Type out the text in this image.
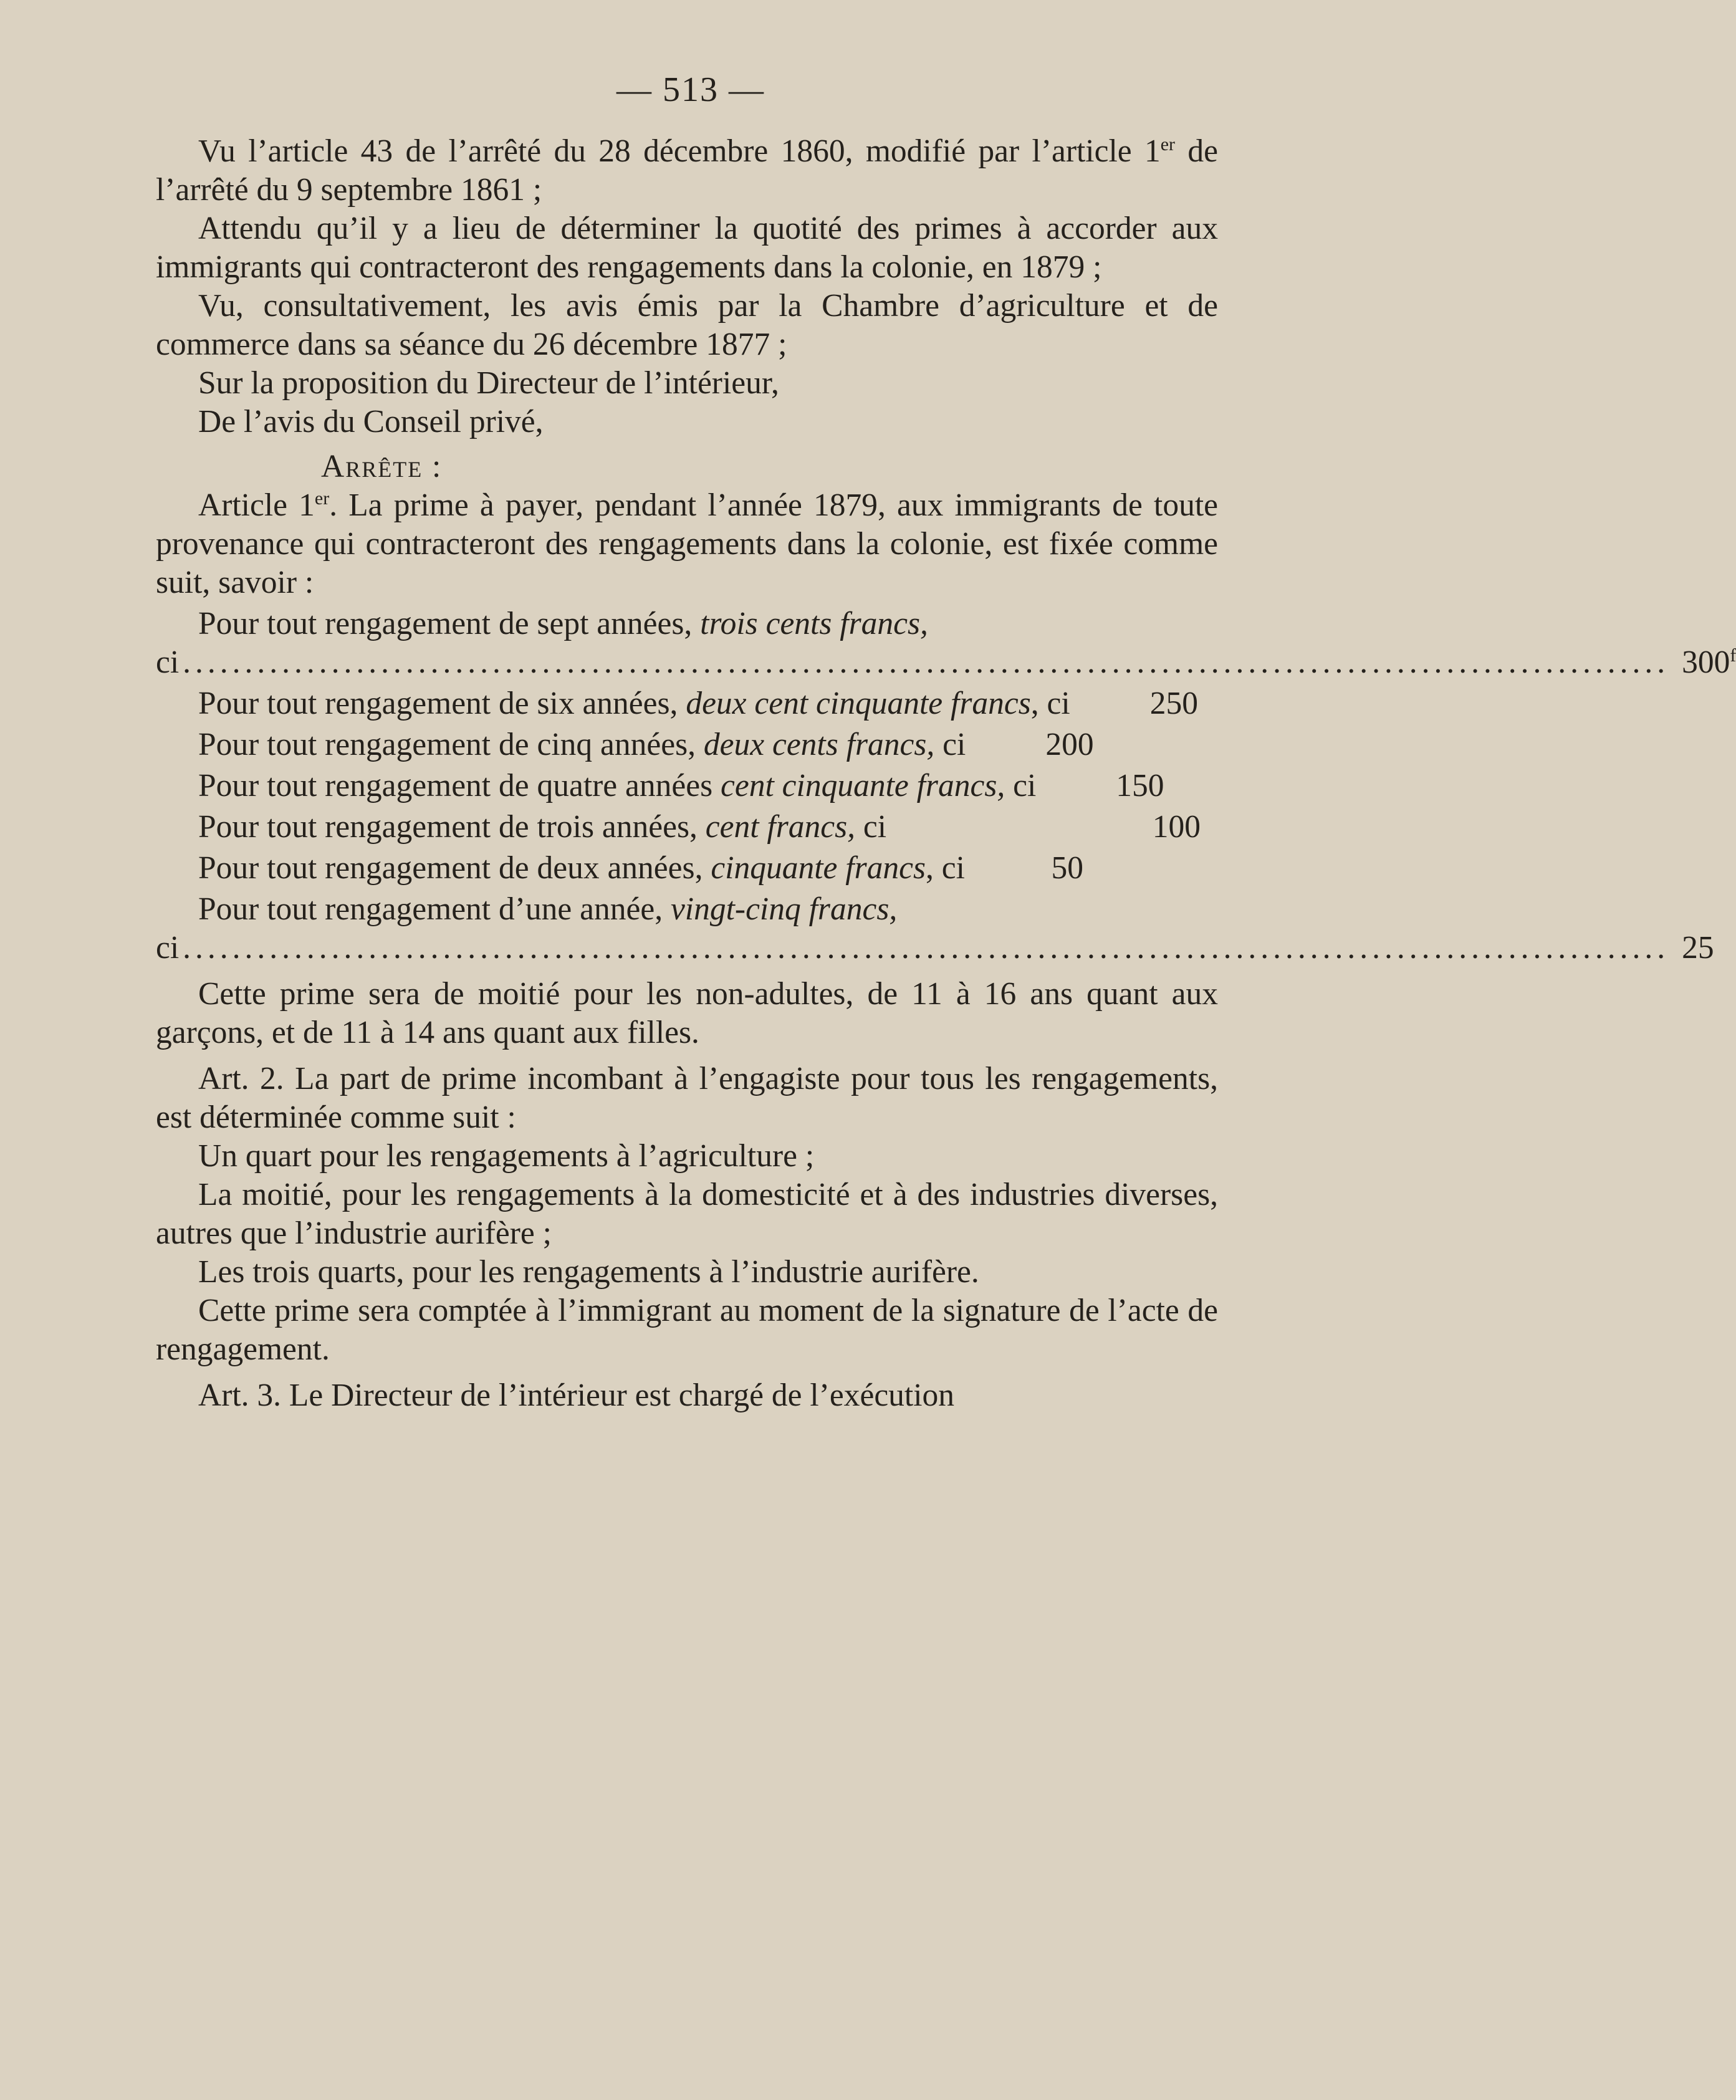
— 513 —

Vu l’article 43 de l’arrêté du 28 décembre 1860, modifié par l’article 1er de l’arrêté du 9 septembre 1861 ;

Attendu qu’il y a lieu de déterminer la quotité des primes à accorder aux immigrants qui contracteront des rengagements dans la colonie, en 1879 ;

Vu, consultativement, les avis émis par la Chambre d’agriculture et de commerce dans sa séance du 26 décembre 1877 ;

Sur la proposition du Directeur de l’intérieur,

De l’avis du Conseil privé,

Arrête :

Article 1er. La prime à payer, pendant l’année 1879, aux immigrants de toute provenance qui contracteront des rengagements dans la colonie, est fixée comme suit, savoir :

Pour tout rengagement de sept années, trois cents francs,
ci ........................................................................................................................ 300$^f$
Pour tout rengagement de six années, deux cent cinquante francs, ci 250
Pour tout rengagement de cinq années, deux cents francs, ci 200
Pour tout rengagement de quatre années cent cinquante francs, ci 150
Pour tout rengagement de trois années, cent francs, ci	100
Pour tout rengagement de deux années, cinquante francs, ci	50
Pour tout rengagement d’une année, vingt-cinq francs,
ci ........................................................................................................................ 25

Cette prime sera de moitié pour les non-adultes, de 11 à 16 ans quant aux garçons, et de 11 à 14 ans quant aux filles.

Art. 2. La part de prime incombant à l’engagiste pour tous les rengagements, est déterminée comme suit :

Un quart pour les rengagements à l’agriculture ;

La moitié, pour les rengagements à la domesticité et à des industries diverses, autres que l’industrie aurifère ;

Les trois quarts, pour les rengagements à l’industrie aurifère.

Cette prime sera comptée à l’immigrant au moment de la signature de l’acte de rengagement.

Art. 3. Le Directeur de l’intérieur est chargé de l’exécution
